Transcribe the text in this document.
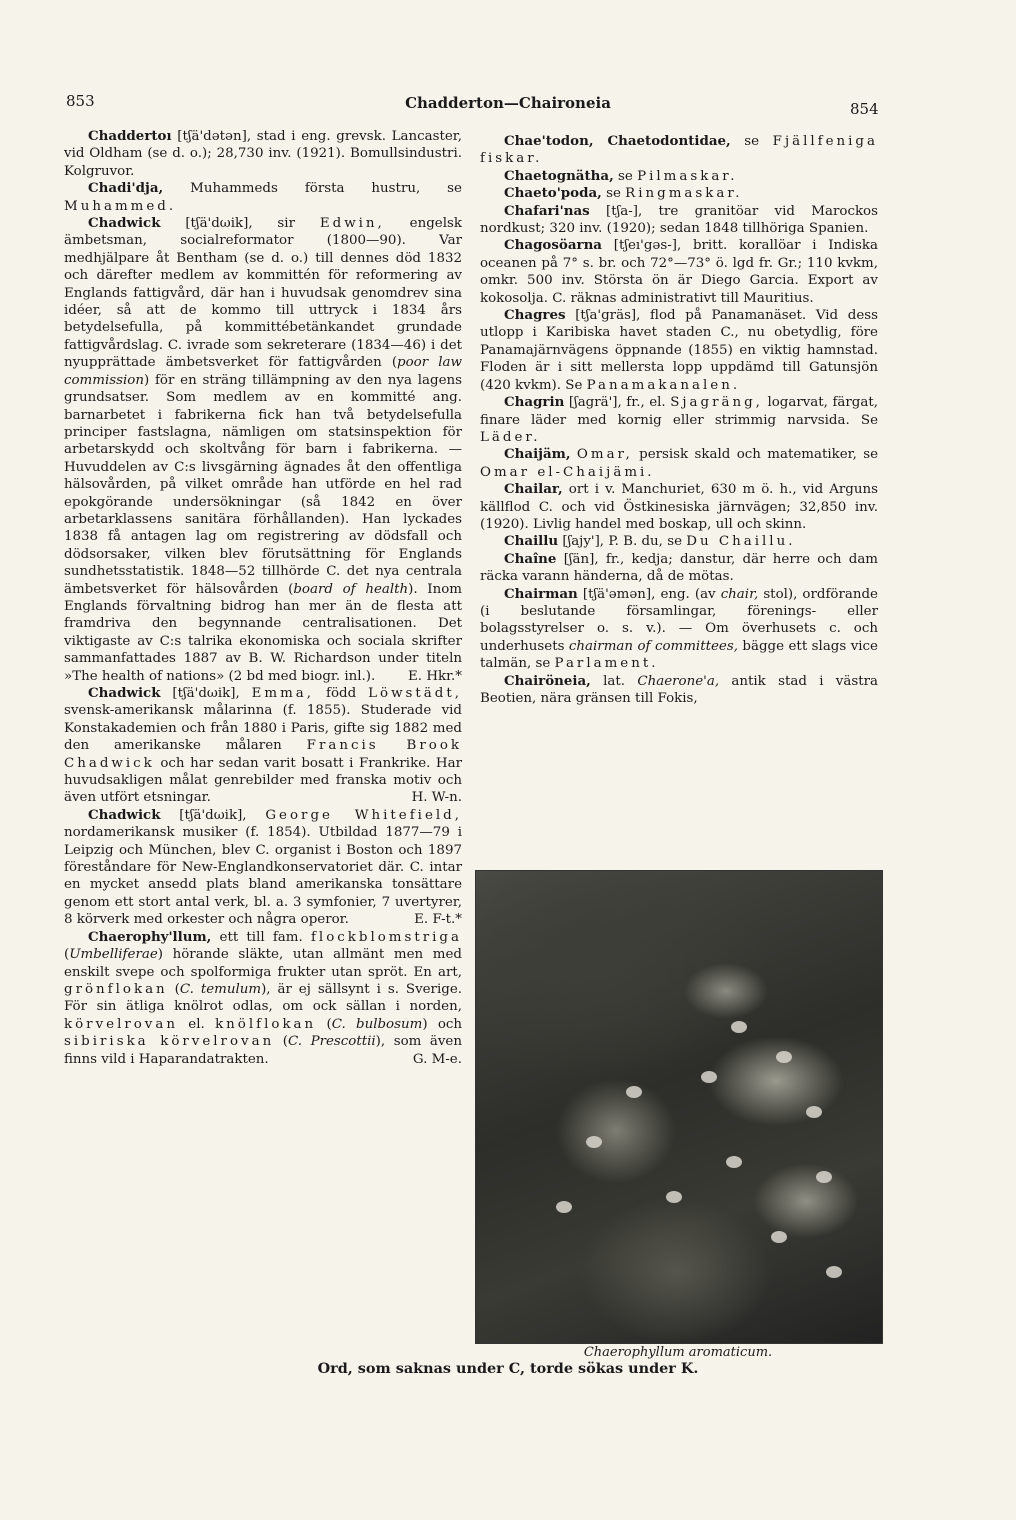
853	Chadderton—Chaironeia	854

Chaddertoı [tʃä'dətən], stad i eng. grevsk. Lancaster, vid Oldham (se d. o.); 28,730 inv. (1921). Bomullsindustri. Kolgruvor.

Chadi'dja, Muhammeds första hustru, se Muhammed.

Chadwick [tʃä'dωik], sir Edwin, engelsk ämbetsman, socialreformator (1800—90). Var medhjälpare åt Bentham (se d. o.) till dennes död 1832 och därefter medlem av kommittén för reformering av Englands fattigvård, där han i huvudsak genomdrev sina idéer, så att de kommo till uttryck i 1834 års betydelsefulla, på kommittébetänkandet grundade fattigvårdslag. C. ivrade som sekreterare (1834—46) i det nyupprättade ämbetsverket för fattigvården (poor law commission) för en sträng tillämpning av den nya lagens grundsatser. Som medlem av en kommitté ang. barnarbetet i fabrikerna fick han två betydelsefulla principer fastslagna, nämligen om statsinspektion för arbetarskydd och skoltvång för barn i fabrikerna. — Huvuddelen av C:s livsgärning ägnades åt den offentliga hälsovården, på vilket område han utförde en hel rad epokgörande undersökningar (så 1842 en över arbetarklassens sanitära förhållanden). Han lyckades 1838 få antagen lag om registrering av dödsfall och dödsorsaker, vilken blev förutsättning för Englands sundhetsstatistik. 1848—52 tillhörde C. det nya centrala ämbetsverket för hälsovården (board of health). Inom Englands förvaltning bidrog han mer än de flesta att framdriva den begynnande centralisationen. Det viktigaste av C:s talrika ekonomiska och sociala skrifter sammanfattades 1887 av B. W. Richardson under titeln »The health of nations» (2 bd med biogr. inl.).	E. Hkr.*

Chadwick [tʃä'dωik], Emma, född Löwstädt, svensk-amerikansk målarinna (f. 1855). Studerade vid Konstakademien och från 1880 i Paris, gifte sig 1882 med den amerikanske målaren Francis Brook Chadwick och har sedan varit bosatt i Frankrike. Har huvudsakligen målat genrebilder med franska motiv och även utfört etsningar.	H. W-n.

Chadwick [tʃä'dωik], George Whitefield, nordamerikansk musiker (f. 1854). Utbildad 1877—79 i Leipzig och München, blev C. organist i Boston och 1897 föreståndare för New-Englandkonservatoriet där. C. intar en mycket ansedd plats bland amerikanska tonsättare genom ett stort antal verk, bl. a. 3 symfonier, 7 uvertyrer, 8 körverk med orkester och några operor.	E. F-t.*

Chaerophy'llum, ett till fam. flockblomstriga (Umbelliferae) hörande släkte, utan allmänt men med enskilt svepe och spolformiga frukter utan spröt. En art, grönflokan (C. temulum), är ej sällsynt i s. Sverige. För sin ätliga knölrot odlas, om ock sällan i norden, körvelrovan el. knölflokan (C. bulbosum) och sibiriska körvelrovan (C. Prescottii), som även finns vild i Haparandatrakten.	G. M-e.

Chae'todon, Chaetodontidae, se Fjällfeniga fiskar.

Chaetognätha, se Pilmaskar.

Chaeto'poda, se Ringmaskar.

Chafari'nas [tʃa-], tre granitöar vid Marockos nordkust; 320 inv. (1920); sedan 1848 tillhöriga Spanien.

Chagosöarna [tʃeı'gəs-], britt. korallöar i Indiska oceanen på 7° s. br. och 72°—73° ö. lgd fr. Gr.; 110 kvkm, omkr. 500 inv. Största ön är Diego Garcia. Export av kokosolja. C. räknas administrativt till Mauritius.

Chagres [tʃa'gräs], flod på Panamanäset. Vid dess utlopp i Karibiska havet staden C., nu obetydlig, före Panamajärnvägens öppnande (1855) en viktig hamnstad. Floden är i sitt mellersta lopp uppdämd till Gatunsjön (420 kvkm). Se Panamakanalen.

Chagrin [ʃagrä'], fr., el. Sjagräng, logarvat, färgat, finare läder med kornig eller strimmig narvsida. Se Läder.

Chaijäm, Omar, persisk skald och matematiker, se Omar el-Chaijämi.

Chailar, ort i v. Manchuriet, 630 m ö. h., vid Arguns källflod C. och vid Östkinesiska järnvägen; 32,850 inv. (1920). Livlig handel med boskap, ull och skinn.

Chaillu [ʃajy'], P. B. du, se Du Chaillu.

Chaîne [ʃän], fr., kedja; danstur, där herre och dam räcka varann händerna, då de mötas.

Chairman [tʃä'əmən], eng. (av chair, stol), ordförande (i beslutande församlingar, förenings- eller bolagsstyrelser o. s. v.). — Om överhusets c. och underhusets chairman of committees, bägge ett slags vice talmän, se Parlament.

Chairöneia, lat. Chaerone'a, antik stad i västra Beotien, nära gränsen till Fokis,

Chaerophyllum aromaticum.
Ord, som saknas under C, torde sökas under K.
